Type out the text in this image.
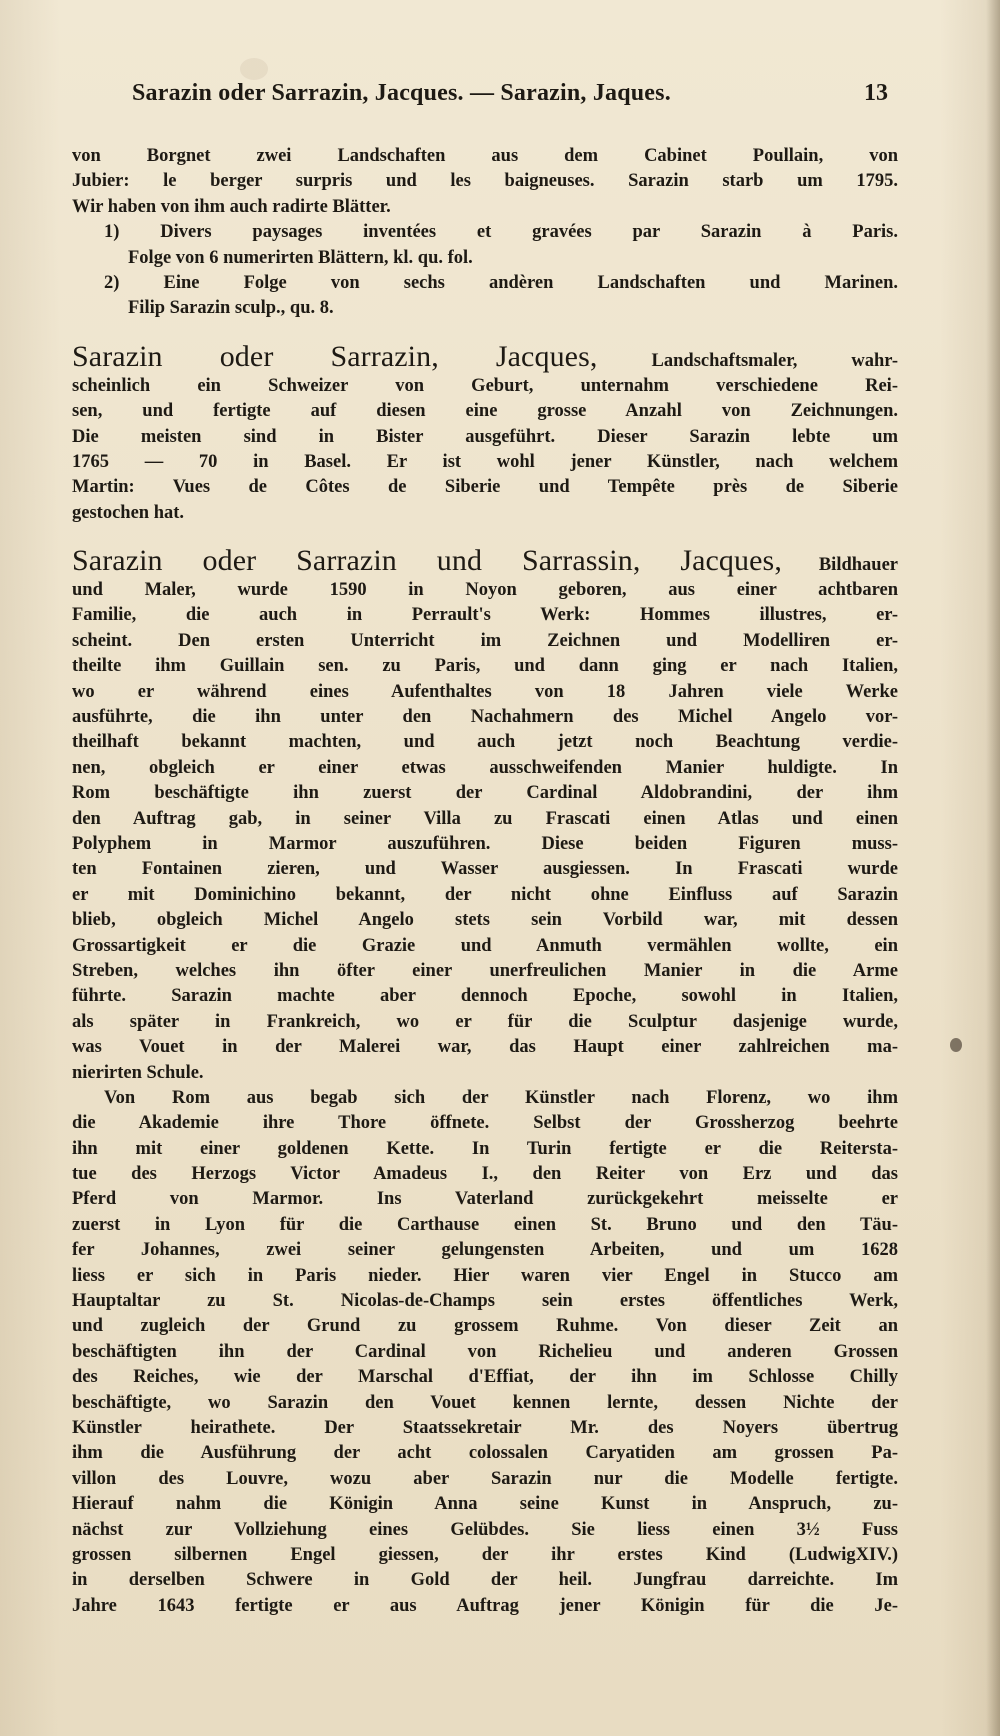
Sarazin oder Sarrazin, Jacques. — Sarazin, Jaques.	13
von Borgnet zwei Landschaften aus dem Cabinet Poullain, von
Jubier: le berger surpris und les baigneuses. Sarazin starb um 1795.
Wir haben von ihm auch radirte Blätter.
1) Divers paysages inventées et gravées par Sarazin à Paris.
Folge von 6 numerirten Blättern, kl. qu. fol.
2) Eine Folge von sechs andèren Landschaften und Marinen.
Filip Sarazin sculp., qu. 8.
Sarazin oder Sarrazin, Jacques,	Landschaftsmaler, wahr-
scheinlich ein Schweizer von Geburt, unternahm verschiedene Rei-
sen, und fertigte auf diesen eine grosse Anzahl von Zeichnungen.
Die meisten sind in Bister ausgeführt. Dieser Sarazin lebte um
1765 — 70 in Basel. Er ist wohl jener Künstler, nach welchem
Martin: Vues de Côtes de Siberie und Tempête près de Siberie
gestochen hat.
Sarazin oder Sarrazin und Sarrassin, Jacques, Bildhauer
und Maler, wurde 1590 in Noyon geboren, aus einer achtbaren
Familie, die auch in Perrault's Werk: Hommes illustres, er-
scheint. Den ersten Unterricht im Zeichnen und Modelliren er-
theilte ihm Guillain sen. zu Paris, und dann ging er nach Italien,
wo er während eines Aufenthaltes von 18 Jahren viele Werke
ausführte, die ihn unter den Nachahmern des Michel Angelo vor-
theilhaft bekannt machten, und auch jetzt noch Beachtung verdie-
nen, obgleich er einer etwas ausschweifenden Manier huldigte. In
Rom beschäftigte ihn zuerst der Cardinal Aldobrandini, der ihm
den Auftrag gab, in seiner Villa zu Frascati einen Atlas und einen
Polyphem in Marmor auszuführen. Diese beiden Figuren muss-
ten Fontainen zieren, und Wasser ausgiessen. In Frascati wurde
er mit Dominichino bekannt, der nicht ohne Einfluss auf Sarazin
blieb, obgleich Michel Angelo stets sein Vorbild war, mit dessen
Grossartigkeit er die Grazie und Anmuth vermählen wollte, ein
Streben, welches ihn öfter einer unerfreulichen Manier in die Arme
führte. Sarazin machte aber dennoch Epoche, sowohl in Italien,
als später in Frankreich, wo er für die Sculptur dasjenige wurde,
was Vouet in der Malerei war, das Haupt einer zahlreichen ma-
nierirten Schule.
Von Rom aus begab sich der Künstler nach Florenz, wo ihm
die Akademie ihre Thore öffnete. Selbst der Grossherzog beehrte
ihn mit einer goldenen Kette. In Turin fertigte er die Reitersta-
tue des Herzogs Victor Amadeus I., den Reiter von Erz und das
Pferd von Marmor. Ins Vaterland zurückgekehrt meisselte er
zuerst in Lyon für die Carthause einen St. Bruno und den Täu-
fer Johannes, zwei seiner gelungensten Arbeiten, und um 1628
liess er sich in Paris nieder. Hier waren vier Engel in Stucco am
Hauptaltar zu St. Nicolas-de-Champs sein erstes öffentliches Werk,
und zugleich der Grund zu grossem Ruhme. Von dieser Zeit an
beschäftigten ihn der Cardinal von Richelieu und anderen Grossen
des Reiches, wie der Marschal d'Effiat, der ihn im Schlosse Chilly
beschäftigte, wo Sarazin den Vouet kennen lernte, dessen Nichte der
Künstler heirathete. Der Staatssekretair Mr. des Noyers übertrug
ihm die Ausführung der acht colossalen Caryatiden am grossen Pa-
villon des Louvre, wozu aber Sarazin nur die Modelle fertigte.
Hierauf nahm die Königin Anna seine Kunst in Anspruch, zu-
nächst zur Vollziehung eines Gelübdes. Sie liess einen 3½ Fuss
grossen silbernen Engel giessen, der ihr erstes Kind (LudwigXIV.)
in derselben Schwere in Gold der heil. Jungfrau darreichte. Im
Jahre 1643 fertigte er aus Auftrag jener Königin für die Je-
